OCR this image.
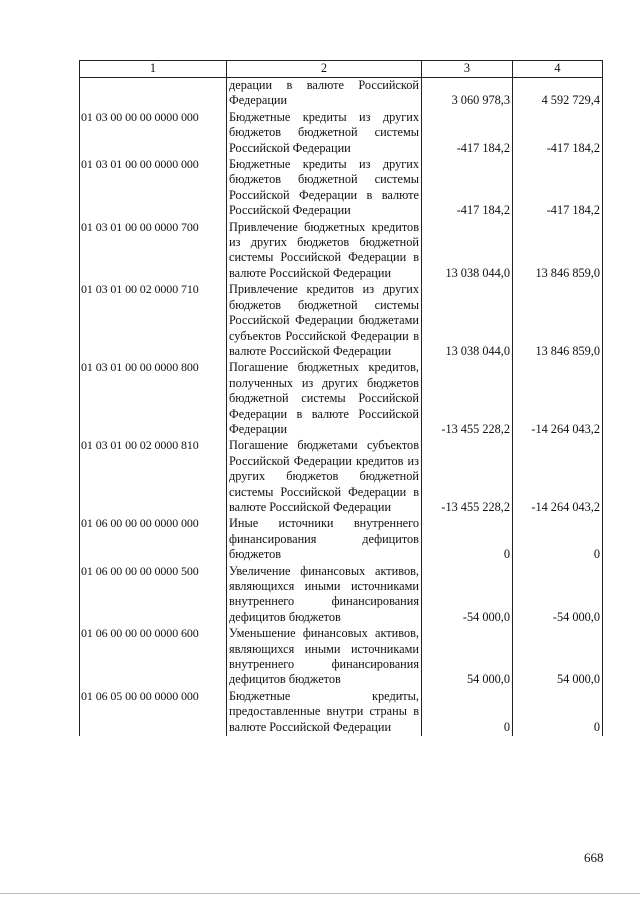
1	2	3	4
	дерации в валюте Российской Федерации	3 060 978,3	4 592 729,4
01 03 00 00 00 0000 000	Бюджетные кредиты из других бюджетов бюджетной системы Российской Федерации	-417 184,2	-417 184,2
01 03 01 00 00 0000 000	Бюджетные кредиты из других бюджетов бюджетной системы Российской Федерации в валюте Российской Федерации	-417 184,2	-417 184,2
01 03 01 00 00 0000 700	Привлечение бюджетных кредитов из других бюджетов бюджетной системы Российской Федерации в валюте Российской Федерации	13 038 044,0	13 846 859,0
01 03 01 00 02 0000 710	Привлечение кредитов из других бюджетов бюджетной системы Российской Федерации бюджетами субъектов Российской Федерации в валюте Российской Федерации	13 038 044,0	13 846 859,0
01 03 01 00 00 0000 800	Погашение бюджетных кредитов, полученных из других бюджетов бюджетной системы Российской Федерации в валюте Российской Федерации	-13 455 228,2	-14 264 043,2
01 03 01 00 02 0000 810	Погашение бюджетами субъектов Российской Федерации кредитов из других бюджетов бюджетной системы Российской Федерации в валюте Российской Федерации	-13 455 228,2	-14 264 043,2
01 06 00 00 00 0000 000	Иные источники внутреннего финансирования дефицитов бюджетов	0	0
01 06 00 00 00 0000 500	Увеличение финансовых активов, являющихся иными источниками внутреннего финансирования дефицитов бюджетов	-54 000,0	-54 000,0
01 06 00 00 00 0000 600	Уменьшение финансовых активов, являющихся иными источниками внутреннего финансирования дефицитов бюджетов	54 000,0	54 000,0
01 06 05 00 00 0000 000	Бюджетные кредиты, предоставленные внутри страны в валюте Российской Федерации	0	0
668
